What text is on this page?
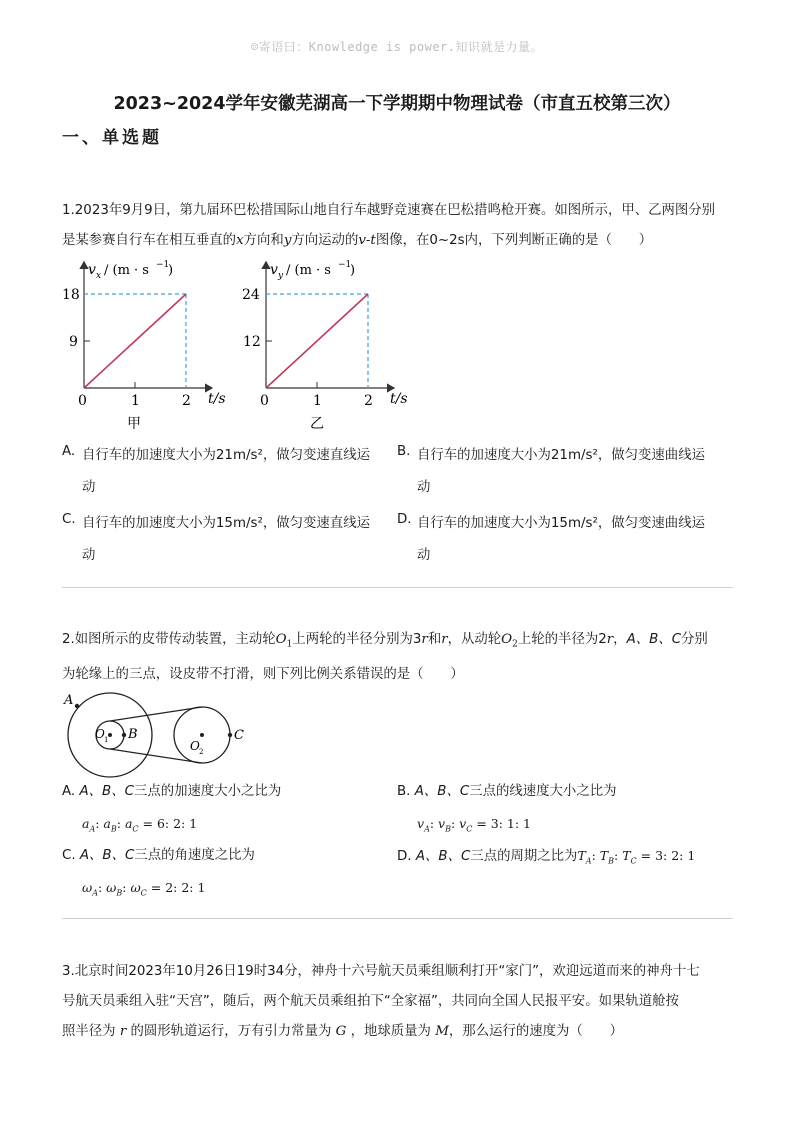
☺寄语曰：Knowledge is power.知识就是力量。
2023~2024学年安徽芜湖高一下学期期中物理试卷（市直五校第三次）
一、单选题
1.2023年9月9日，第九届环巴松措国际山地自行车越野竞速赛在巴松措鸣枪开赛。如图所示，甲、乙两图分别
是某参赛自行车在相互垂直的x方向和y方向运动的v-t图像，在0~2s内，下列判断正确的是（　　）
v x / (m · s −1
)
18
9
0	1	2 t/s
甲
v y / (m · s −1
)
24
12
0	1	2 t/s
乙
A. 自行车的加速度大小为21m/s²，做匀变速直线运
动
B. 自行车的加速度大小为21m/s²，做匀变速曲线运
动
C. 自行车的加速度大小为15m/s²，做匀变速直线运
动
D. 自行车的加速度大小为15m/s²，做匀变速曲线运
动
2.如图所示的皮带传动装置，主动轮$O_1$上两轮的半径分别为3r和r，从动轮$O_2$上轮的半径为2r，A、B、C分别
为轮缘上的三点，设皮带不打滑，则下列比例关系错误的是（　　）
A
B	C
O 1	O 2
A. A、B、C三点的加速度大小之比为
$a_A$: $a_B$: $a_C = 6$: 2: 1
B. A、B、C三点的线速度大小之比为
$v_A$: $v_B$: $v_C = 3$: 1: 1
C. A、B、C三点的角速度之比为
$\omega_A$: $\omega_B$: $\omega_C = 2$: 2: 1
D. A、B、C三点的周期之比为$T_A$: $T_B$: $T_C = 3$: 2: 1
3.北京时间2023年10月26日19时34分，神舟十六号航天员乘组顺利打开“家门”，欢迎远道而来的神舟十七
号航天员乘组入驻“天宫”，随后，两个航天员乘组拍下“全家福”，共同向全国人民报平安。如果轨道舱按
照半径为 r 的圆形轨道运行，万有引力常量为 G ，地球质量为 M，那么运行的速度为（　　）
